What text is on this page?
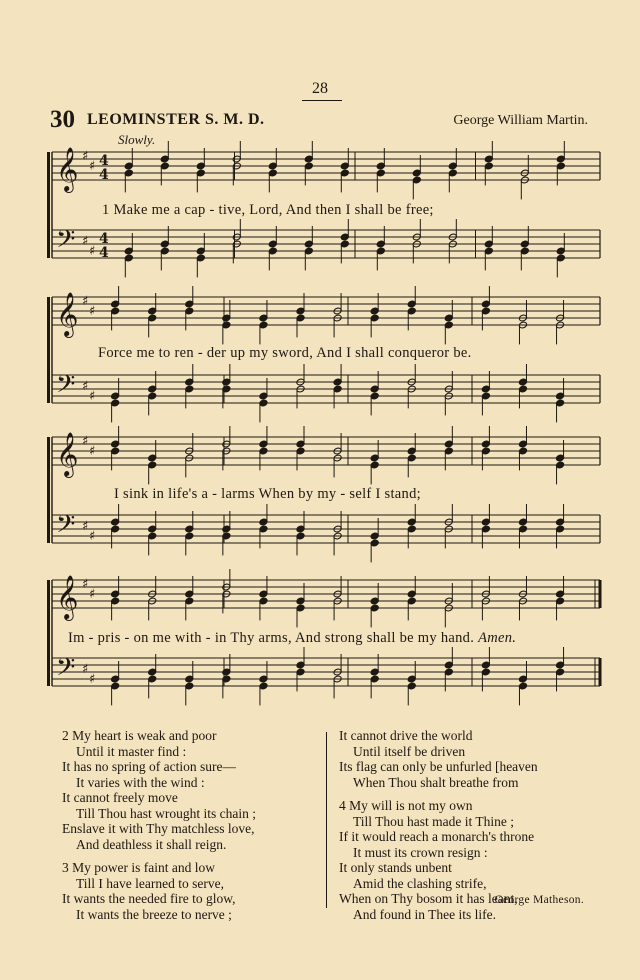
28
30 LEOMINSTER S. M. D.	George William Martin.
Slowly.
𝄞 ♯
♯ 4
4
𝄢 ♯
♯
4
4
1 Make me a cap - tive, Lord, And then I shall be free;
𝄞 ♯
♯
𝄢 ♯
♯
Force me to ren - der up my sword, And I shall conqueror be.
𝄞 ♯
♯
𝄢 ♯
♯
I sink in life's a - larms When by my - self I stand;
𝄞 ♯
♯
𝄢 ♯
♯
Im - pris - on me with - in Thy arms, And strong shall be my hand. Amen.
2 My heart is weak and poor
Until it master find :
It has no spring of action sure—
It varies with the wind :
It cannot freely move
Till Thou hast wrought its chain ;
Enslave it with Thy matchless love,
And deathless it shall reign.
3 My power is faint and low
Till I have learned to serve,
It wants the needed fire to glow,
It wants the breeze to nerve ;
It cannot drive the world
Until itself be driven
Its flag can only be unfurled [heaven
When Thou shalt breathe from
4 My will is not my own
Till Thou hast made it Thine ;
If it would reach a monarch's throne
It must its crown resign :
It only stands unbent
Amid the clashing strife,
When on Thy bosom it has leant,
And found in Thee its life.
George Matheson.
